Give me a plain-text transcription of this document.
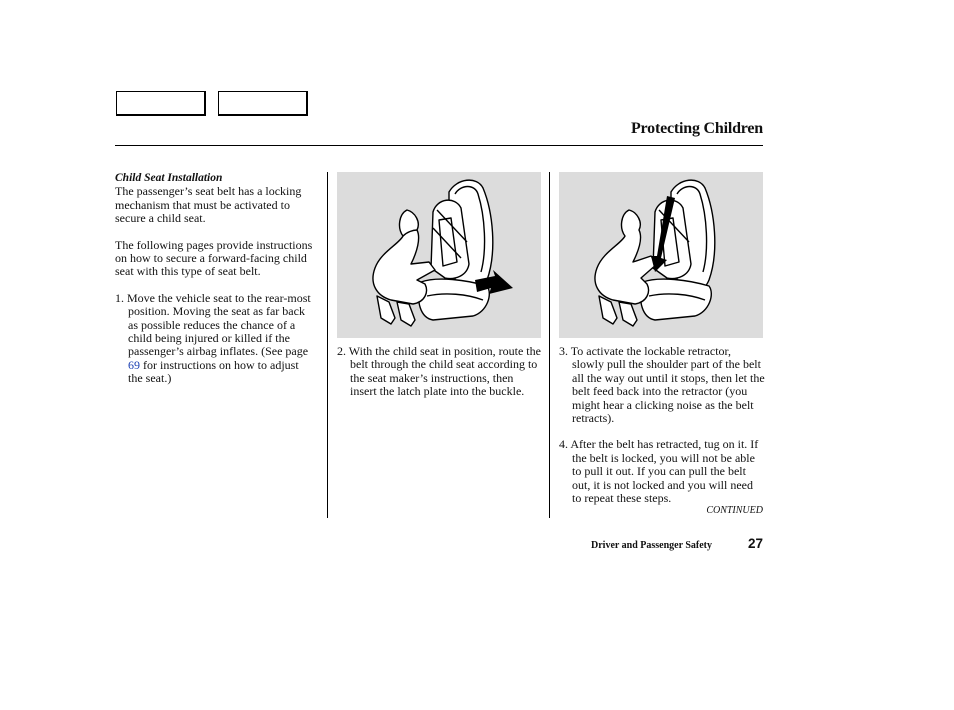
Protecting Children

Child Seat Installation

The passenger’s seat belt has a locking mechanism that must be activated to secure a child seat.

The following pages provide instructions on how to secure a forward-facing child seat with this type of seat belt.

1. Move the vehicle seat to the rear-most position. Moving the seat as far back as possible reduces the chance of a child being injured or killed if the passenger’s airbag inflates. (See page 69 for instructions on how to adjust the seat.)

2. With the child seat in position, route the belt through the child seat according to the seat maker’s instructions, then insert the latch plate into the buckle.

3. To activate the lockable retractor, slowly pull the shoulder part of the belt all the way out until it stops, then let the belt feed back into the retractor (you might hear a clicking noise as the belt retracts).

4. After the belt has retracted, tug on it. If the belt is locked, you will not be able to pull it out. If you can pull the belt out, it is not locked and you will need to repeat these steps.

CONTINUED
Driver and Passenger Safety	27
